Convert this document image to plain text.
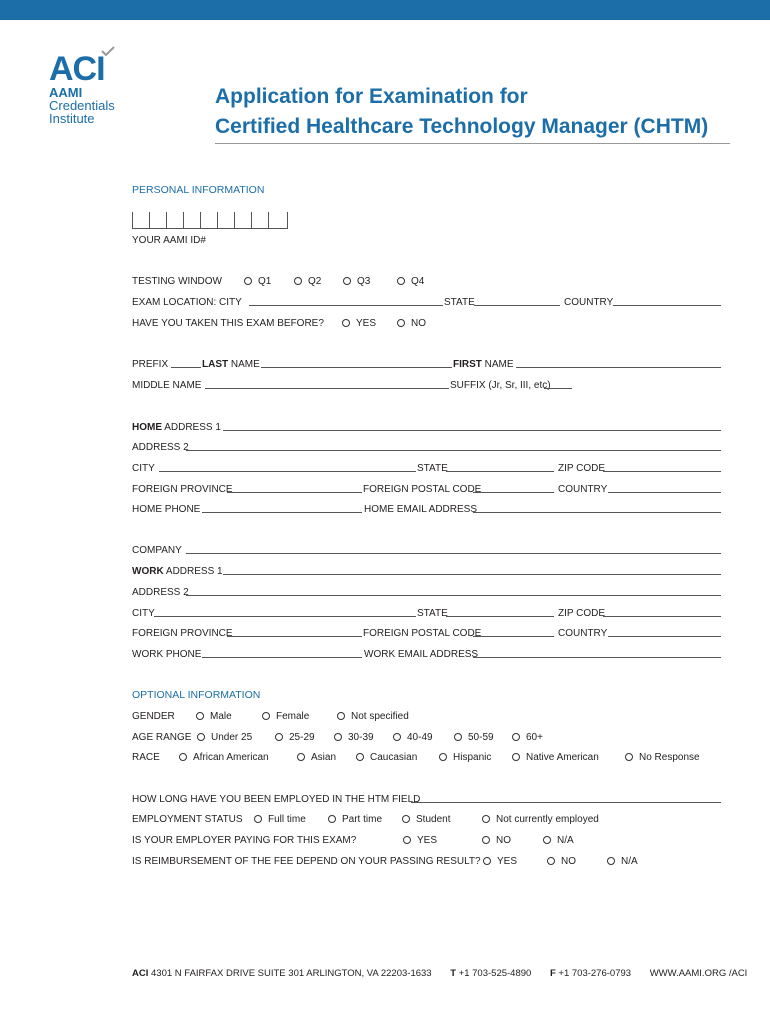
ACI
AAMI
Credentials
Institute
Application for Examination for
Certified Healthcare Technology Manager (CHTM)
PERSONAL INFORMATION
YOUR AAMI ID#
TESTING WINDOW	Q1	Q2	Q3	Q4
EXAM LOCATION: CITY	STATE	COUNTRY
HAVE YOU TAKEN THIS EXAM BEFORE?	YES	NO
PREFIX	LAST NAME	FIRST NAME
MIDDLE NAME	SUFFIX (Jr, Sr, III, etc)
HOME ADDRESS 1
ADDRESS 2
CITY	STATE	ZIP CODE
FOREIGN PROVINCE	FOREIGN POSTAL CODE	COUNTRY
HOME PHONE	HOME EMAIL ADDRESS
COMPANY
WORK ADDRESS 1
ADDRESS 2
CITY	STATE	ZIP CODE
FOREIGN PROVINCE	FOREIGN POSTAL CODE	COUNTRY
WORK PHONE	WORK EMAIL ADDRESS
OPTIONAL INFORMATION
GENDER	Male	Female	Not specified
AGE RANGE	Under 25	25-29	30-39	40-49	50-59	60+
RACE	African American	Asian	Caucasian	Hispanic	Native American	No Response
HOW LONG HAVE YOU BEEN EMPLOYED IN THE HTM FIELD
EMPLOYMENT STATUS	Full time	Part time	Student	Not currently employed
IS YOUR EMPLOYER PAYING FOR THIS EXAM?	YES	NO	N/A
IS REIMBURSEMENT OF THE FEE DEPEND ON YOUR PASSING RESULT?	YES	NO	N/A
ACI 4301 N FAIRFAX DRIVE SUITE 301 ARLINGTON, VA 22203-1633 T +1 703-525-4890 F +1 703-276-0793 WWW.AAMI.ORG /ACI
